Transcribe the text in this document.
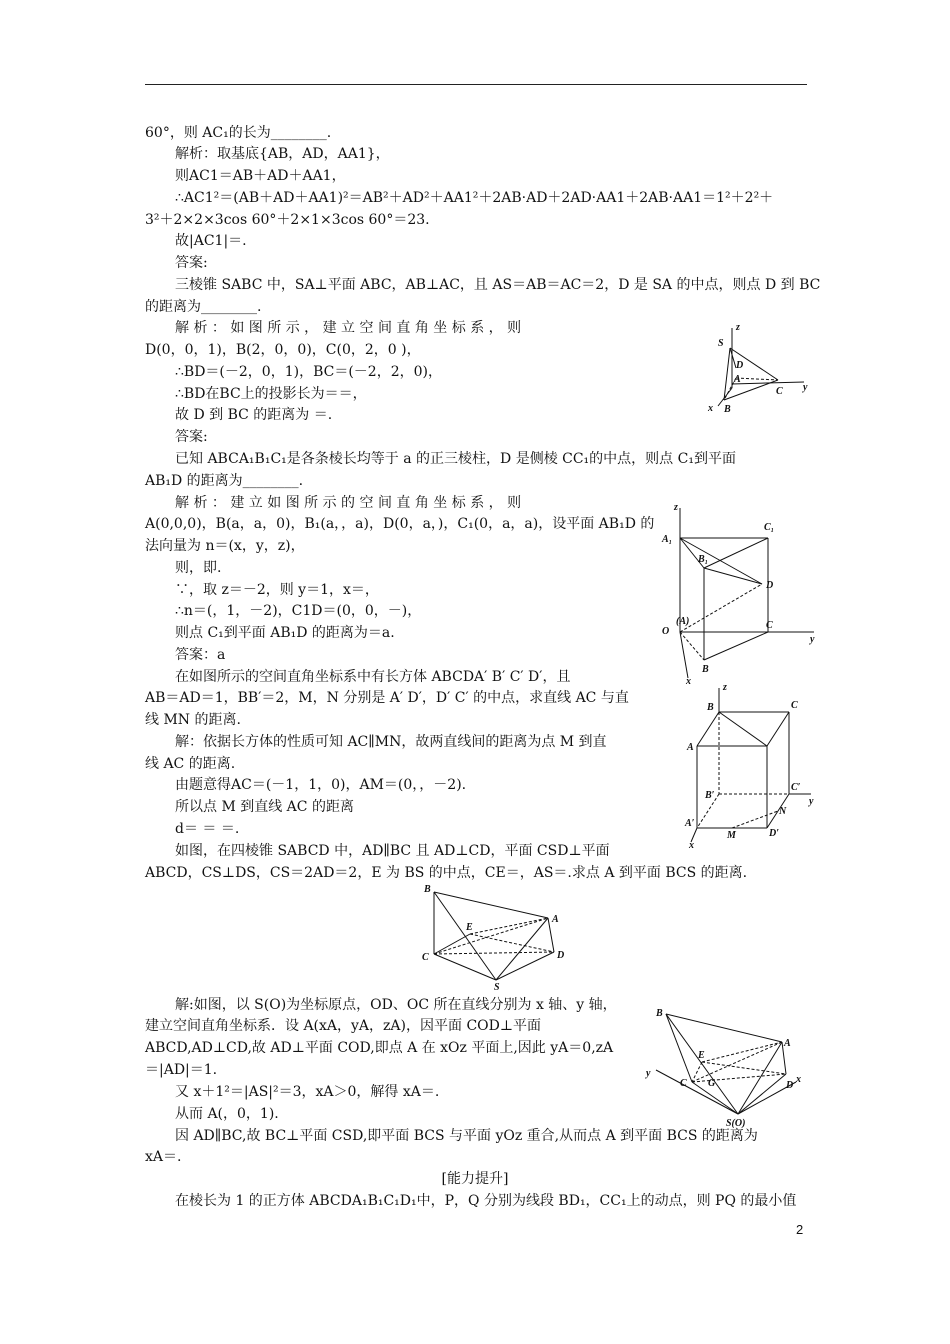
60°，则 AC₁的长为________.
解析：取基底{AB，AD，AA1}，
则AC1＝AB＋AD＋AA1，
∴AC1²＝(AB＋AD＋AA1)²＝AB²＋AD²＋AA1²＋2AB·AD＋2AD·AA1＋2AB·AA1＝1²＋2²＋
3²＋2×2×3cos 60°＋2×1×3cos 60°＝23.
故|AC1|＝.
答案:
三棱锥 SABC 中，SA⊥平面 ABC，AB⊥AC，且 AS＝AB＝AC＝2，D 是 SA 的中点，则点 D 到 BC
的距离为________.
解 析 ： 如 图 所 示 ， 建 立 空 间 直 角 坐 标 系 ， 则
D(0，0，1)，B(2，0，0)，C(0，2，0 )，
∴BD＝(－2，0，1)，BC＝(－2，2，0)，
∴BD在BC上的投影长为＝＝，
故 D 到 BC 的距离为 ＝.
答案:
已知 ABCA₁B₁C₁是各条棱长均等于 a 的正三棱柱，D 是侧棱 CC₁的中点，则点 C₁到平面
AB₁D 的距离为________.
解 析 ： 建 立 如 图 所 示 的 空 间 直 角 坐 标 系 ， 则
A(0,0,0)，B(a，a，0)，B₁(a，，a)，D(0，a，)，C₁(0，a，a)，设平面 AB₁D 的
法向量为 n＝(x，y，z)，
则，即.
∵，取 z＝－2，则 y＝1，x＝，
∴n＝(，1，－2)，C1D＝(0，0，－)，
则点 C₁到平面 AB₁D 的距离为＝a.
答案：a
在如图所示的空间直角坐标系中有长方体 ABCDA′ B′ C′ D′，且
AB＝AD＝1，BB′＝2，M，N 分别是 A′ D′，D′ C′ 的中点，求直线 AC 与直
线 MN 的距离.
解：依据长方体的性质可知 AC∥MN，故两直线间的距离为点 M 到直
线 AC 的距离.
由题意得AC＝(－1，1，0)，AM＝(0，，－2).
所以点 M 到直线 AC 的距离
d＝ ＝ ＝.
如图，在四棱锥 SABCD 中，AD∥BC 且 AD⊥CD，平面 CSD⊥平面
ABCD，CS⊥DS，CS＝2AD＝2，E 为 BS 的中点，CE＝，AS＝.求点 A 到平面 BCS 的距离.
解:如图，以 S(O)为坐标原点，OD、OC 所在直线分别为 x 轴、y 轴，
建立空间直角坐标系．设 A(xA，yA，zA)，因平面 COD⊥平面
ABCD,AD⊥CD,故 AD⊥平面 COD,即点 A 在 xOz 平面上,因此 yA＝0,zA
＝|AD|＝1.
又 x＋1²＝|AS|²＝3，xA＞0，解得 xA＝.
从而 A(，0，1).
因 AD∥BC,故 BC⊥平面 CSD,即平面 BCS 与平面 yOz 重合,从而点 A 到平面 BCS 的距离为
xA＝.
[能力提升]
在棱长为 1 的正方体 ABCDA₁B₁C₁D₁中，P，Q 分别为线段 BD₁，CC₁上的动点，则 PQ 的最小值
z
S
D
A
C y
x B
z
C₁
A₁
B₁
D
O
(A)	C
y
B
x
z
B	C
A
C′
y
B′
N
A′
M	D′
x
B
A
E
C	D
S
B
A
E
y
C G	D
x
S(O)
2
